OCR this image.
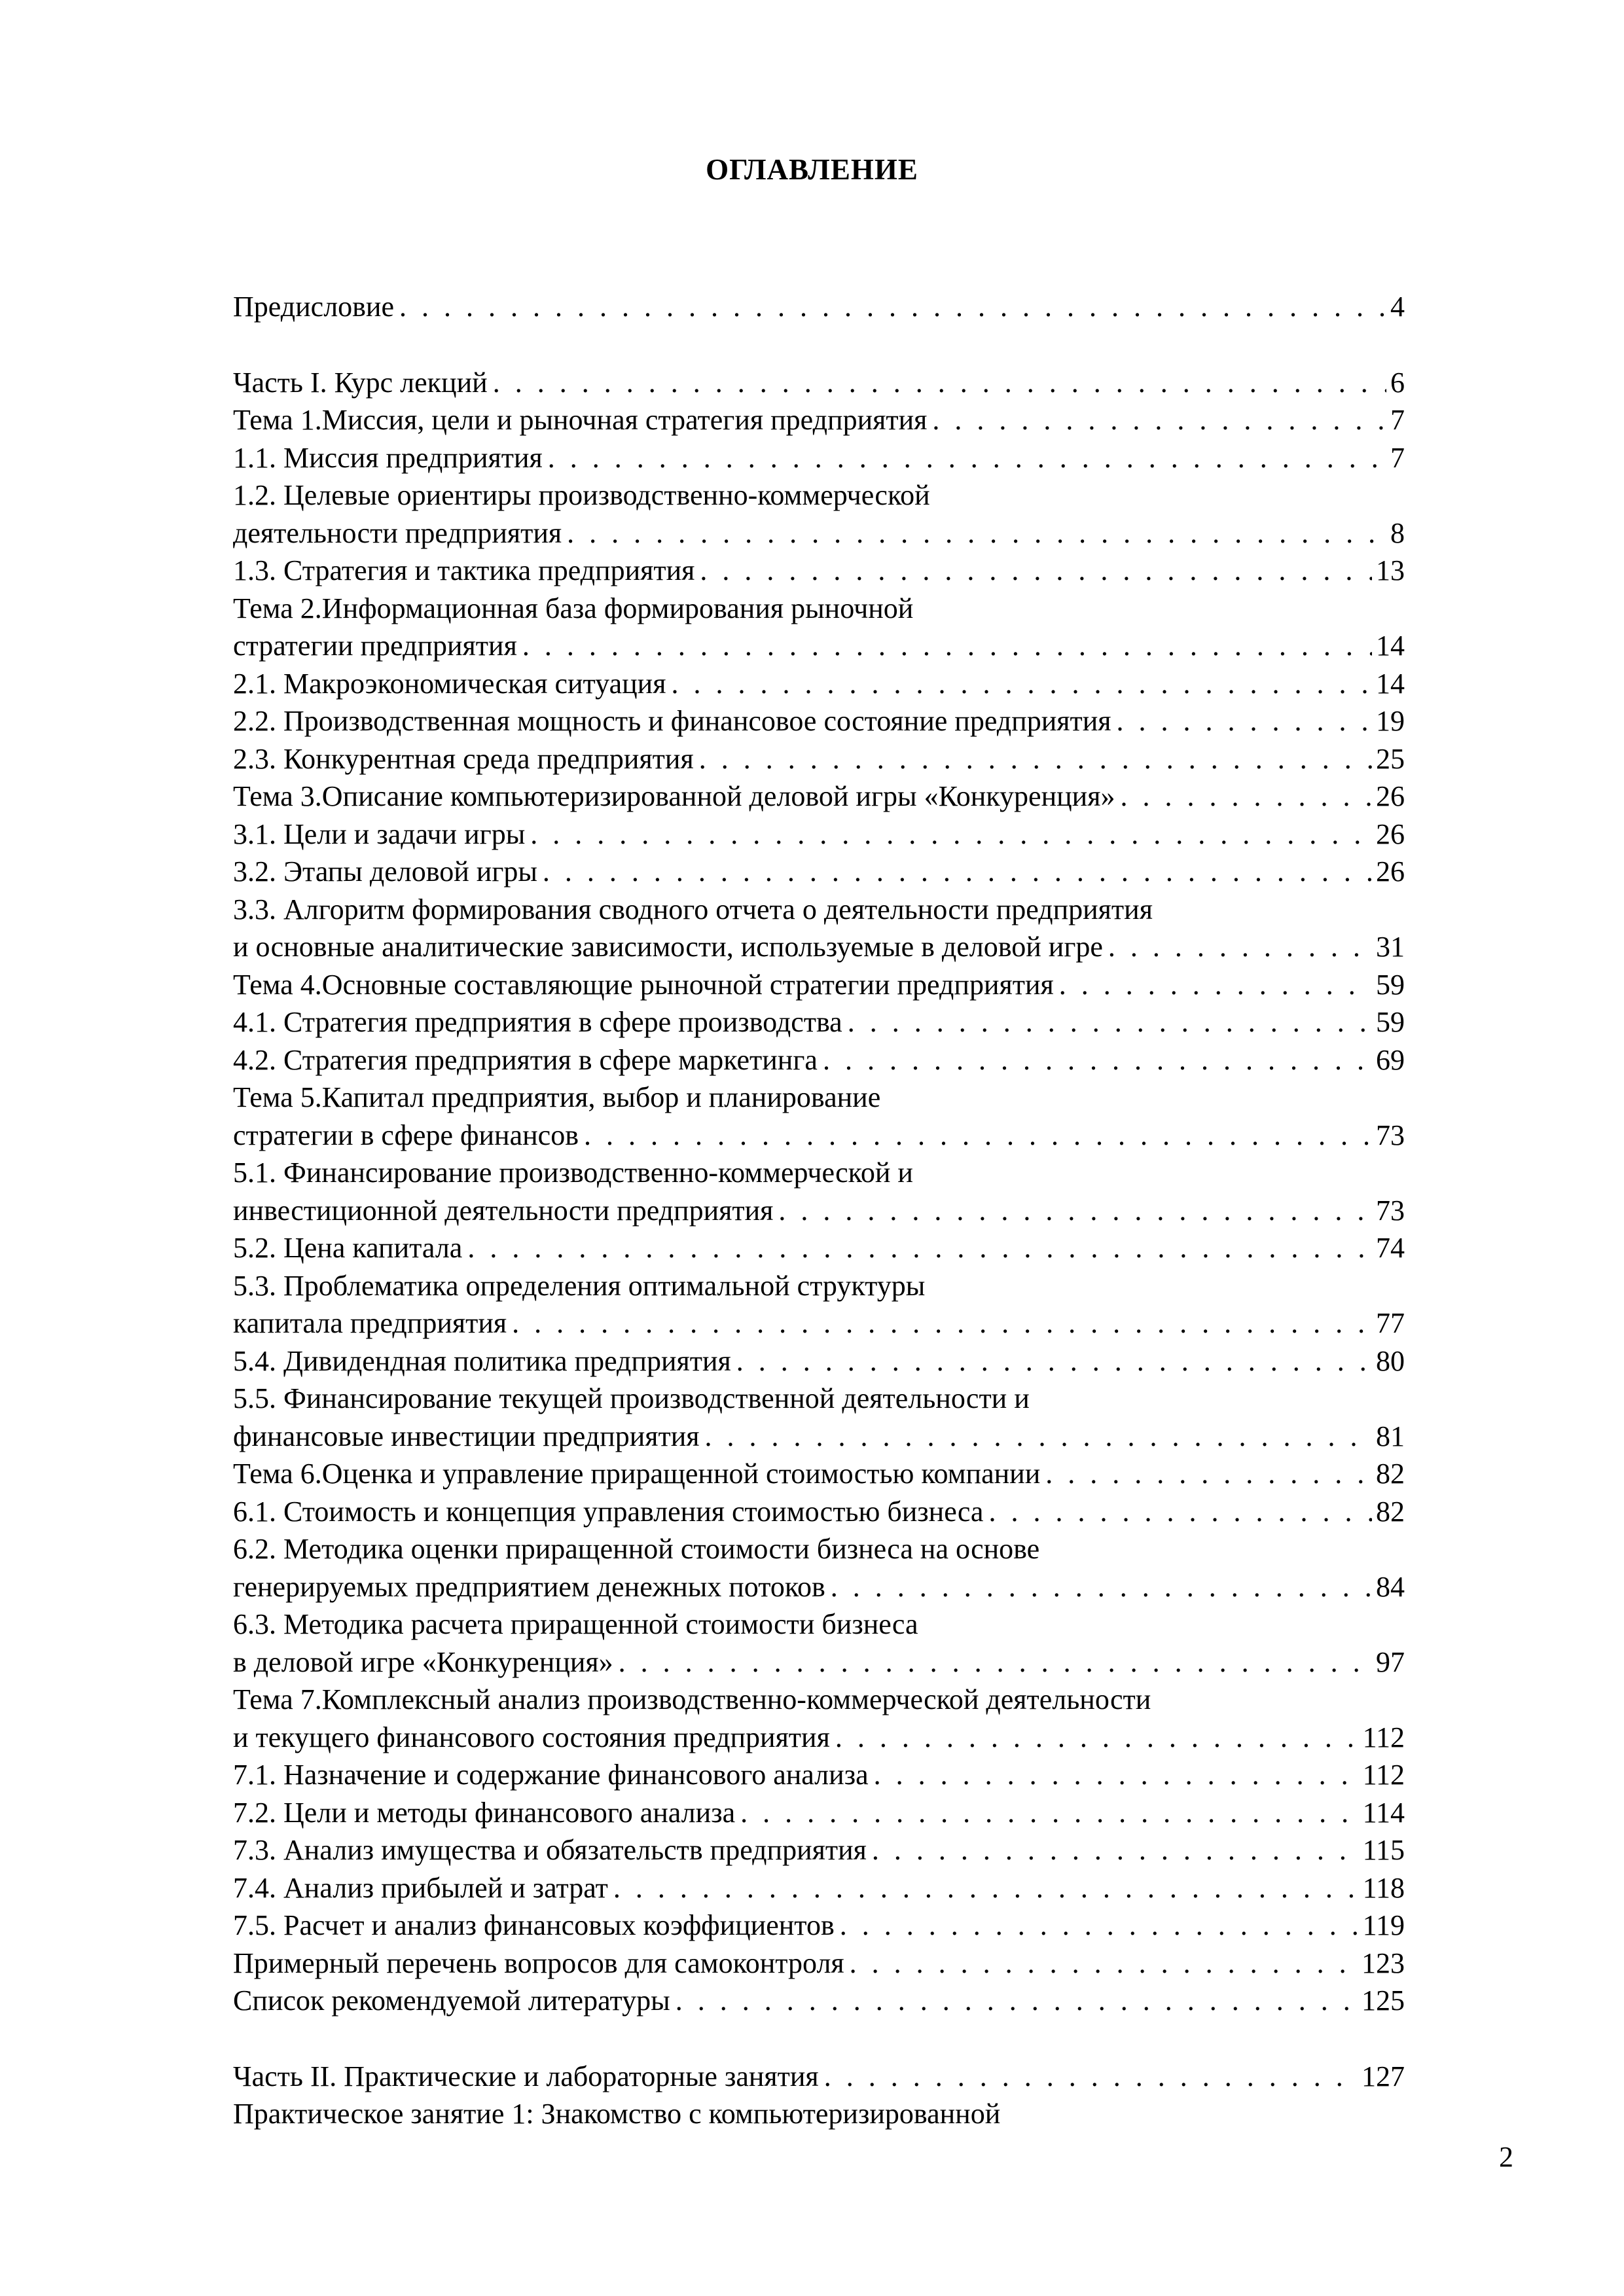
ОГЛАВЛЕНИЕ
Предисловие . . .	4
Часть I. Курс лекций . . .	6
Тема 1.Миссия, цели и рыночная стратегия предприятия . . .	7
1.1. Миссия предприятия . . .	7
1.2. Целевые ориентиры производственно-коммерческой
деятельности предприятия . . .	8
1.3. Стратегия и тактика предприятия . . .	13
Тема 2.Информационная база формирования рыночной
стратегии предприятия . . .	14
2.1. Макроэкономическая ситуация . . .	14
2.2. Производственная мощность и финансовое состояние предприятия . . .	19
2.3. Конкурентная среда предприятия . . .	25
Тема 3.Описание компьютеризированной деловой игры «Конкуренция» . . .	26
3.1. Цели и задачи игры . . .	26
3.2. Этапы деловой игры . . .	26
3.3. Алгоритм формирования сводного отчета о деятельности предприятия
и основные аналитические зависимости, используемые в деловой игре . . .	31
Тема 4.Основные составляющие рыночной стратегии предприятия . . .	59
4.1. Стратегия предприятия в сфере производства . . .	59
4.2. Стратегия предприятия в сфере маркетинга . . .	69
Тема 5.Капитал предприятия, выбор и планирование
стратегии в сфере финансов . . .	73
5.1. Финансирование производственно-коммерческой и
инвестиционной деятельности предприятия . . .	73
5.2. Цена капитала . . .	74
5.3. Проблематика определения оптимальной структуры
капитала предприятия . . .	77
5.4. Дивидендная политика предприятия . . .	80
5.5. Финансирование текущей производственной деятельности и
финансовые инвестиции предприятия . . .	81
Тема 6.Оценка и управление приращенной стоимостью компании . . .	82
6.1. Стоимость и концепция управления стоимостью бизнеса . . .	82
6.2. Методика оценки приращенной стоимости бизнеса на основе
генерируемых предприятием денежных потоков . . .	84
6.3. Методика расчета приращенной стоимости бизнеса
в деловой игре «Конкуренция» . . .	97
Тема 7.Комплексный анализ производственно-коммерческой деятельности
и текущего финансового состояния предприятия . . .	112
7.1. Назначение и содержание финансового анализа . . .	112
7.2. Цели и методы финансового анализа . . .	114
7.3. Анализ имущества и обязательств предприятия . . .	115
7.4. Анализ прибылей и затрат . . .	118
7.5. Расчет и анализ финансовых коэффициентов . . .	119
Примерный перечень вопросов для самоконтроля . . .	123
Список рекомендуемой литературы . . .	125
Часть II. Практические и лабораторные занятия . . .	127
Практическое занятие 1: Знакомство с компьютеризированной
2
